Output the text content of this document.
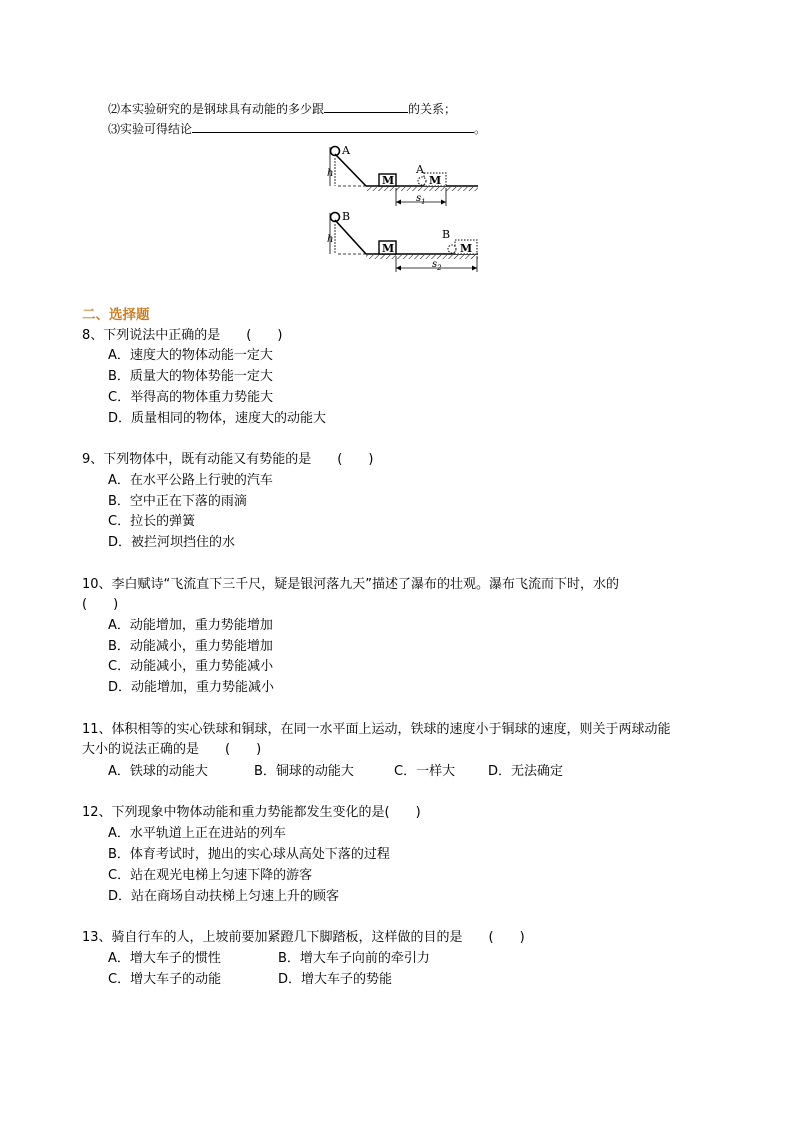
⑵本实验研究的是钢球具有动能的多少跟	的关系；
⑶实验可得结论	。
A
h
M
A
M
$s_1$
B
h
M
B
M
$s_2$
二、选择题
8、下列说法中正确的是　　(　　)
A．速度大的物体动能一定大
B．质量大的物体势能一定大
C．举得高的物体重力势能大
D．质量相同的物体，速度大的动能大
9、下列物体中，既有动能又有势能的是　　(　　)
A．在水平公路上行驶的汽车
B．空中正在下落的雨滴
C．拉长的弹簧
D．被拦河坝挡住的水
10、李白赋诗“飞流直下三千尺，疑是银河落九天”描述了瀑布的壮观。瀑布飞流而下时，水的
(　　)
A．动能增加，重力势能增加
B．动能减小，重力势能增加
C．动能减小，重力势能减小
D．动能增加，重力势能减小
11、体积相等的实心铁球和铜球，在同一水平面上运动，铁球的速度小于铜球的速度，则关于两球动能
大小的说法正确的是　　(　　)
A．铁球的动能大	B．铜球的动能大	C．一样大	D．无法确定
12、下列现象中物体动能和重力势能都发生变化的是(　　)
A．水平轨道上正在进站的列车
B．体育考试时，抛出的实心球从高处下落的过程
C．站在观光电梯上匀速下降的游客
D．站在商场自动扶梯上匀速上升的顾客
13、骑自行车的人，上坡前要加紧蹬几下脚踏板，这样做的目的是　　(　　)
A．增大车子的惯性	B．增大车子向前的牵引力
C．增大车子的动能	D．增大车子的势能
